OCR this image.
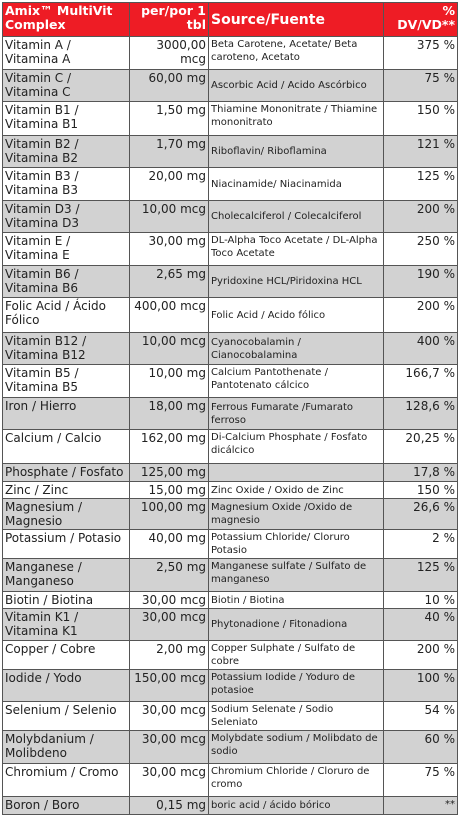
Amix™ MultiVit Complex	per/por 1 tbl	Source/Fuente	% DV/VD**
Vitamin A / Vitamina A	3000,00 mcg	Beta Carotene, Acetate/ Beta caroteno, Acetato	375 %
Vitamin C / Vitamina C	60,00 mg	Ascorbic Acid / Acido Ascórbico	75 %
Vitamin B1 / Vitamina B1	1,50 mg	Thiamine Mononitrate / Thiamine mononitrato	150 %
Vitamin B2 / Vitamina B2	1,70 mg	Riboflavin/ Riboflamina	121 %
Vitamin B3 / Vitamina B3	20,00 mg	Niacinamide/ Niacinamida	125 %
Vitamin D3 / Vitamina D3	10,00 mcg	Cholecalciferol / Colecalciferol	200 %
Vitamin E / Vitamina E	30,00 mg	DL-Alpha Toco Acetate / DL-Alpha Toco Acetate	250 %
Vitamin B6 / Vitamina B6	2,65 mg	Pyridoxine HCL/Piridoxina HCL	190 %
Folic Acid / Ácido Fólico	400,00 mcg	Folic Acid / Acido fólico	200 %
Vitamin B12 / Vitamina B12	10,00 mcg	Cyanocobalamin / Cianocobalamina	400 %
Vitamin B5 / Vitamina B5	10,00 mg	Calcium Pantothenate / Pantotenato cálcico	166,7 %
Iron / Hierro	18,00 mg	Ferrous Fumarate /Fumarato ferroso	128,6 %
Calcium / Calcio	162,00 mg	Di-Calcium Phosphate / Fosfato dicálcico	20,25 %
Phosphate / Fosfato	125,00 mg		17,8 %
Zinc / Zinc	15,00 mg	Zinc Oxide / Oxido de Zinc	150 %
Magnesium / Magnesio	100,00 mg	Magnesium Oxide /Oxido de magnesio	26,6 %
Potassium / Potasio	40,00 mg	Potassium Chloride/ Cloruro Potasio	2 %
Manganese / Manganeso	2,50 mg	Manganese sulfate / Sulfato de manganeso	125 %
Biotin / Biotina	30,00 mcg	Biotin / Biotina	10 %
Vitamin K1 / Vitamina K1	30,00 mcg	Phytonadione / Fitonadiona	40 %
Copper / Cobre	2,00 mg	Copper Sulphate / Sulfato de cobre	200 %
Iodide / Yodo	150,00 mcg	Potassium Iodide / Yoduro de potasioe	100 %
Selenium / Selenio	30,00 mcg	Sodium Selenate / Sodio Seleniato	54 %
Molybdanium / Molibdeno	30,00 mcg	Molybdate sodium / Molibdato de sodio	60 %
Chromium / Cromo	30,00 mcg	Chromium Chloride / Cloruro de cromo	75 %
Boron / Boro	0,15 mg	boric acid / ácido bórico	**
